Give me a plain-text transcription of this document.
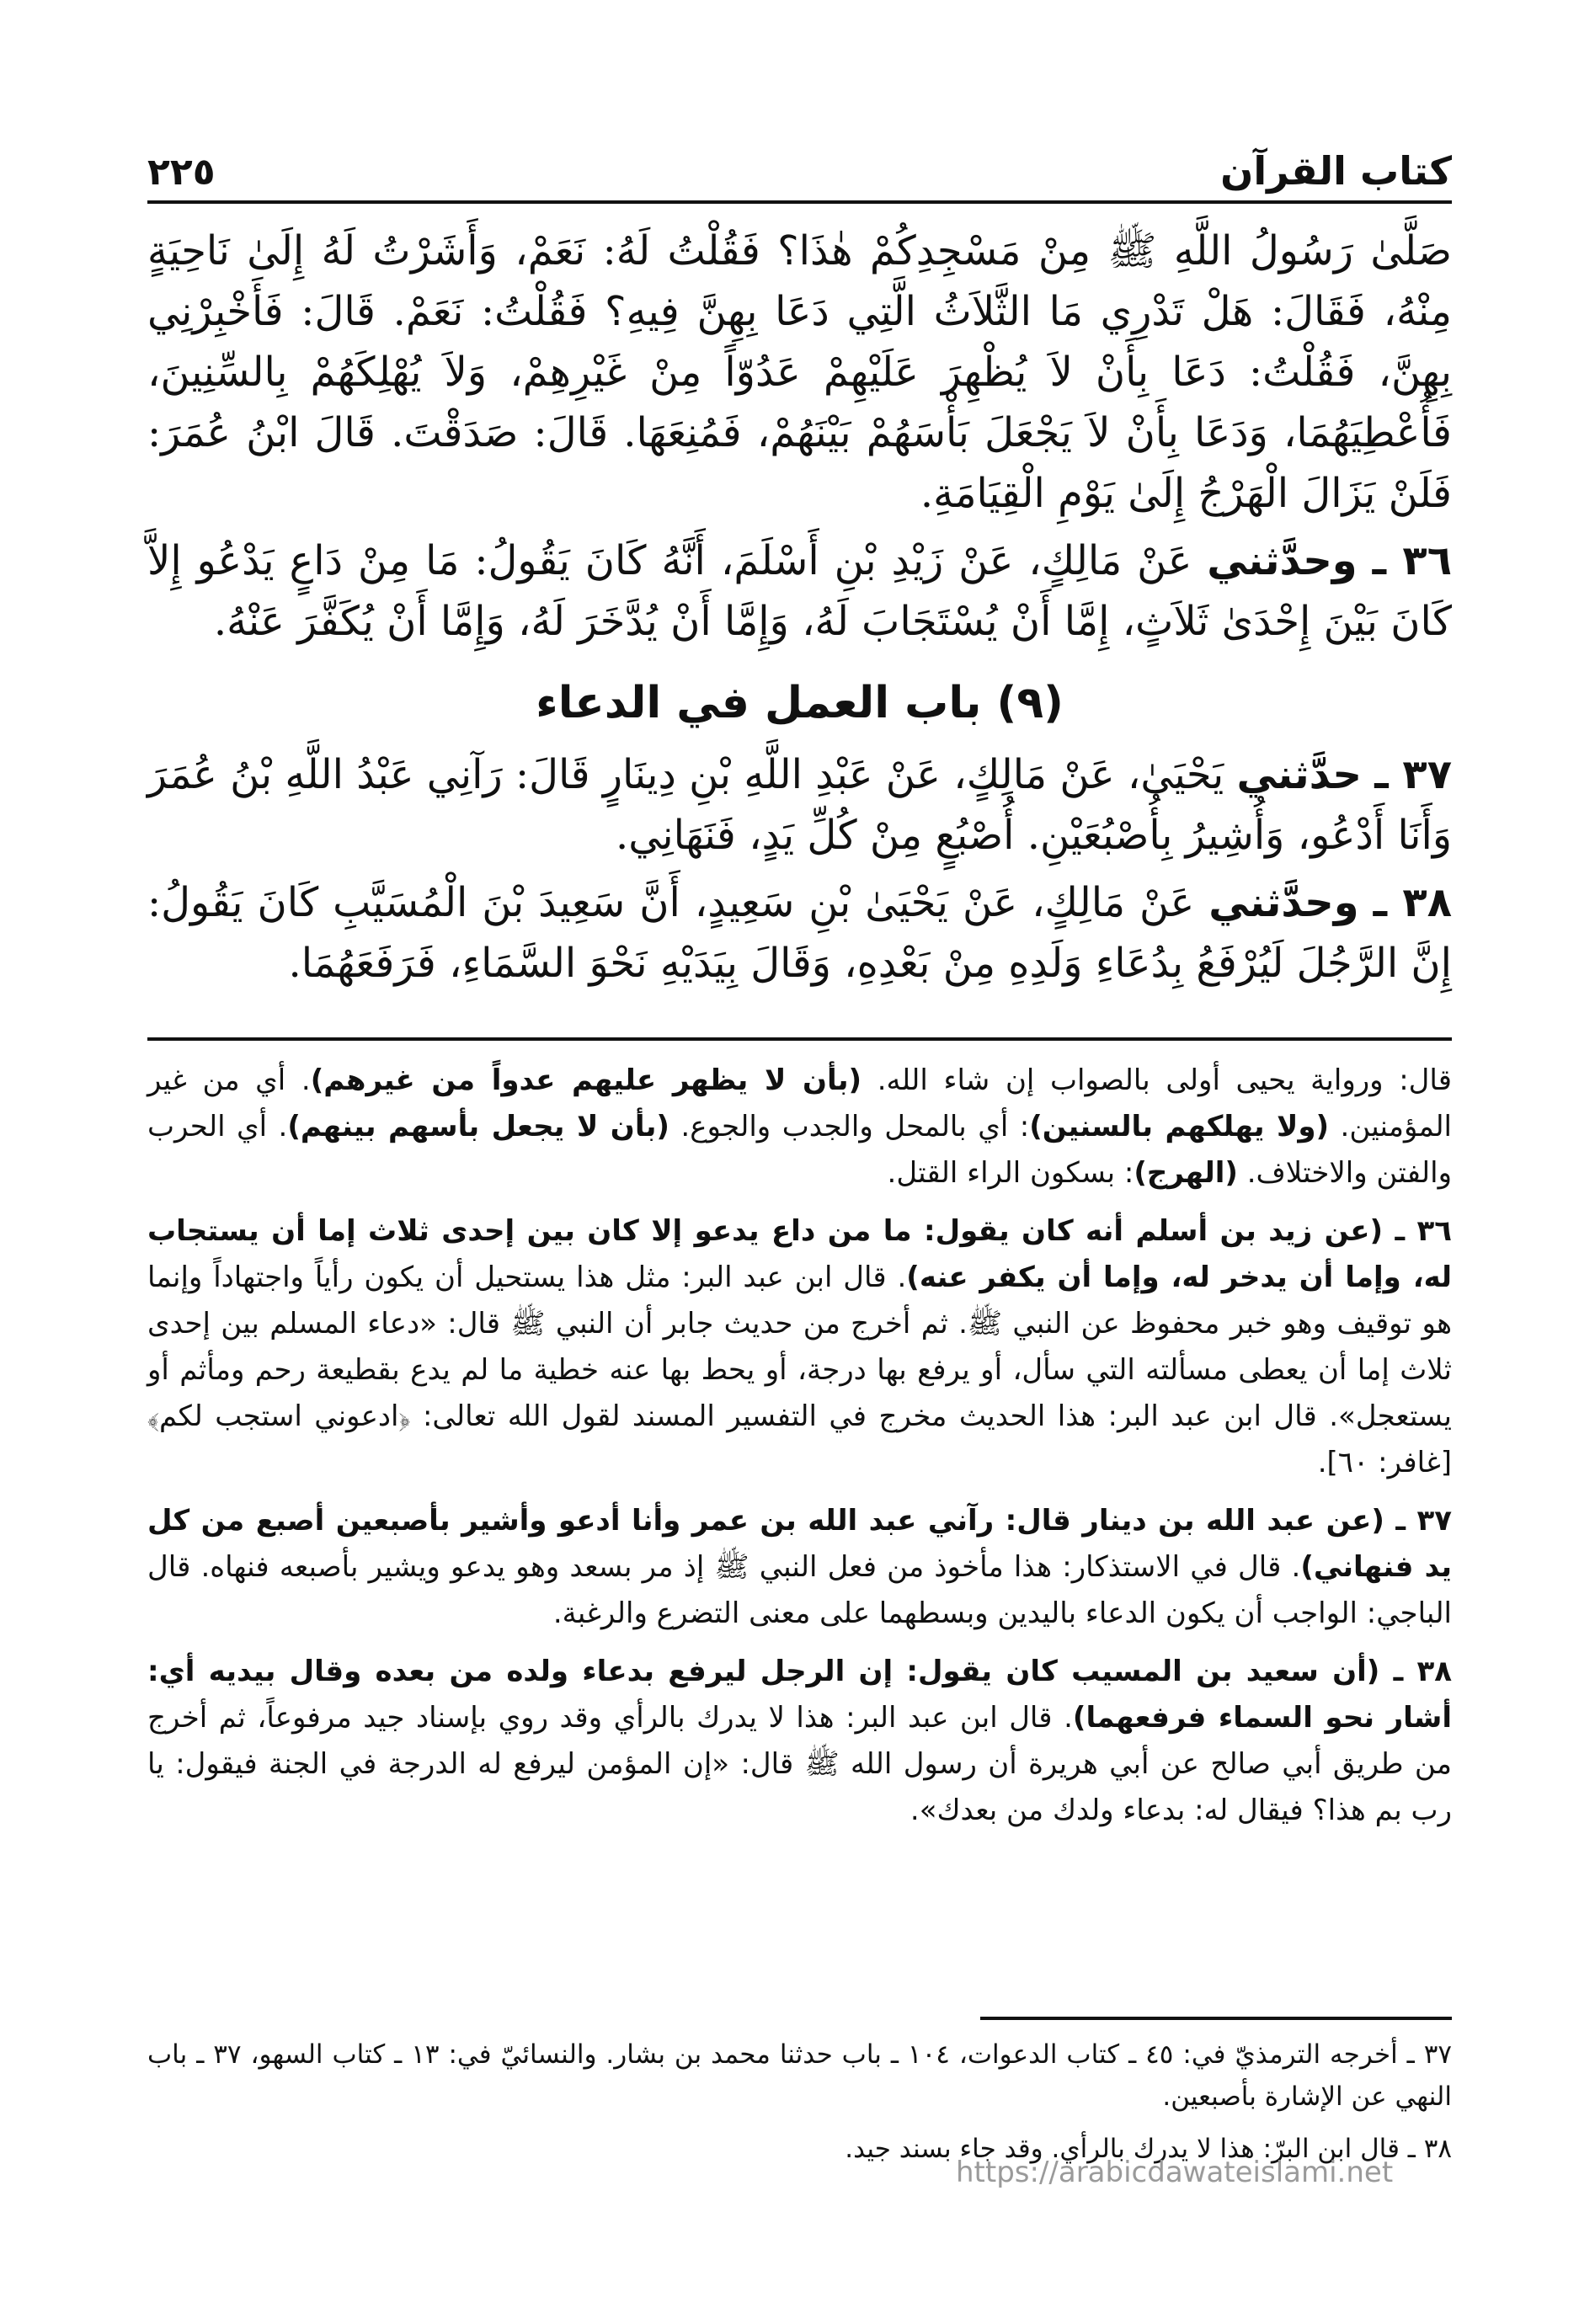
كتاب القرآن
٢٢٥

صَلَّىٰ رَسُولُ اللَّهِ ﷺ مِنْ مَسْجِدِكُمْ هٰذَا؟ فَقُلْتُ لَهُ: نَعَمْ، وَأَشَرْتُ لَهُ إِلَىٰ نَاحِيَةٍ مِنْهُ، فَقَالَ: هَلْ تَدْرِي مَا الثَّلاَثُ الَّتِي دَعَا بِهِنَّ فِيهِ؟ فَقُلْتُ: نَعَمْ. قَالَ: فَأَخْبِرْنِي بِهِنَّ، فَقُلْتُ: دَعَا بِأَنْ لاَ يُظْهِرَ عَلَيْهِمْ عَدُوّاً مِنْ غَيْرِهِمْ، وَلاَ يُهْلِكَهُمْ بِالسِّنِينَ، فَأُعْطِيَهُمَا، وَدَعَا بِأَنْ لاَ يَجْعَلَ بَأْسَهُمْ بَيْنَهُمْ، فَمُنِعَهَا. قَالَ: صَدَقْتَ. قَالَ ابْنُ عُمَرَ: فَلَنْ يَزَالَ الْهَرْجُ إِلَىٰ يَوْمِ الْقِيَامَةِ.

٣٦ ـ وحدَّثني عَنْ مَالِكٍ، عَنْ زَيْدِ بْنِ أَسْلَمَ، أَنَّهُ كَانَ يَقُولُ: مَا مِنْ دَاعٍ يَدْعُو إِلاَّ كَانَ بَيْنَ إِحْدَىٰ ثَلاَثٍ، إِمَّا أَنْ يُسْتَجَابَ لَهُ، وَإِمَّا أَنْ يُدَّخَرَ لَهُ، وَإِمَّا أَنْ يُكَفَّرَ عَنْهُ.

(٩) باب العمل في الدعاء

٣٧ ـ حدَّثني يَحْيَىٰ، عَنْ مَالِكٍ، عَنْ عَبْدِ اللَّهِ بْنِ دِينَارٍ قَالَ: رَآنِي عَبْدُ اللَّهِ بْنُ عُمَرَ وَأَنَا أَدْعُو، وَأُشِيرُ بِأُصْبُعَيْنِ. أُصْبُعٍ مِنْ كُلِّ يَدٍ، فَنَهَانِي.

٣٨ ـ وحدَّثني عَنْ مَالِكٍ، عَنْ يَحْيَىٰ بْنِ سَعِيدٍ، أَنَّ سَعِيدَ بْنَ الْمُسَيَّبِ كَانَ يَقُولُ: إِنَّ الرَّجُلَ لَيُرْفَعُ بِدُعَاءِ وَلَدِهِ مِنْ بَعْدِهِ، وَقَالَ بِيَدَيْهِ نَحْوَ السَّمَاءِ، فَرَفَعَهُمَا.

قال: ورواية يحيى أولى بالصواب إن شاء الله. (بأن لا يظهر عليهم عدواً من غيرهم). أي من غير المؤمنين. (ولا يهلكهم بالسنين): أي بالمحل والجدب والجوع. (بأن لا يجعل بأسهم بينهم). أي الحرب والفتن والاختلاف. (الهرج): بسكون الراء القتل.

٣٦ ـ (عن زيد بن أسلم أنه كان يقول: ما من داع يدعو إلا كان بين إحدى ثلاث إما أن يستجاب له، وإما أن يدخر له، وإما أن يكفر عنه). قال ابن عبد البر: مثل هذا يستحيل أن يكون رأياً واجتهاداً وإنما هو توقيف وهو خبر محفوظ عن النبي ﷺ. ثم أخرج من حديث جابر أن النبي ﷺ قال: «دعاء المسلم بين إحدى ثلاث إما أن يعطى مسألته التي سأل، أو يرفع بها درجة، أو يحط بها عنه خطية ما لم يدع بقطيعة رحم ومأثم أو يستعجل». قال ابن عبد البر: هذا الحديث مخرج في التفسير المسند لقول الله تعالى: ﴿ادعوني استجب لكم﴾ [غافر: ٦٠].

٣٧ ـ (عن عبد الله بن دينار قال: رآني عبد الله بن عمر وأنا أدعو وأشير بأصبعين أصبع من كل يد فنهاني). قال في الاستذكار: هذا مأخوذ من فعل النبي ﷺ إذ مر بسعد وهو يدعو ويشير بأصبعه فنهاه. قال الباجي: الواجب أن يكون الدعاء باليدين وبسطهما على معنى التضرع والرغبة.

٣٨ ـ (أن سعيد بن المسيب كان يقول: إن الرجل ليرفع بدعاء ولده من بعده وقال بيديه أي: أشار نحو السماء فرفعهما). قال ابن عبد البر: هذا لا يدرك بالرأي وقد روي بإسناد جيد مرفوعاً، ثم أخرج من طريق أبي صالح عن أبي هريرة أن رسول الله ﷺ قال: «إن المؤمن ليرفع له الدرجة في الجنة فيقول: يا رب بم هذا؟ فيقال له: بدعاء ولدك من بعدك».

٣٧ ـ أخرجه الترمذيّ في: ٤٥ ـ كتاب الدعوات، ١٠٤ ـ باب حدثنا محمد بن بشار. والنسائيّ في: ١٣ ـ كتاب السهو، ٣٧ ـ باب النهي عن الإشارة بأصبعين.

٣٨ ـ قال ابن البرّ: هذا لا يدرك بالرأي. وقد جاء بسند جيد.

https://arabicdawateislami.net
